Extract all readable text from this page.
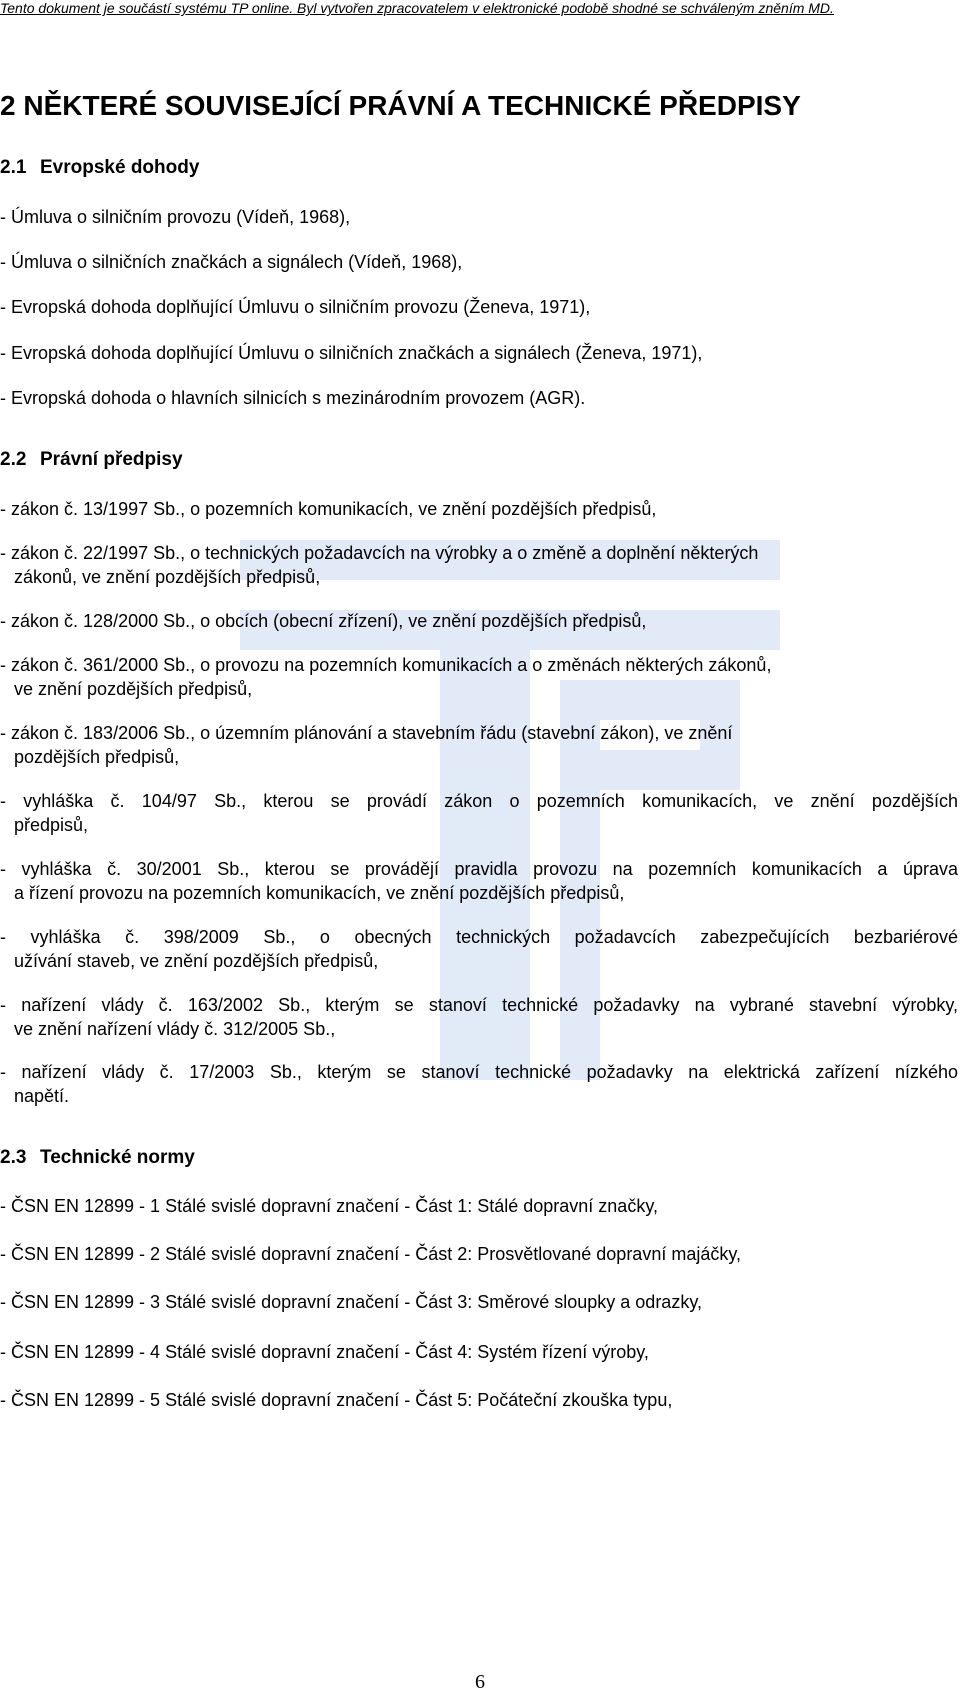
Tento dokument je součástí systému TP online. Byl vytvořen zpracovatelem v elektronické podobě shodné se schváleným zněním MD.
2 NĚKTERÉ SOUVISEJÍCÍ PRÁVNÍ A TECHNICKÉ PŘEDPISY
2.1 Evropské dohody
- Úmluva o silničním provozu (Vídeň, 1968),
- Úmluva o silničních značkách a signálech (Vídeň, 1968),
- Evropská dohoda doplňující Úmluvu o silničním provozu (Ženeva, 1971),
- Evropská dohoda doplňující Úmluvu o silničních značkách a signálech (Ženeva, 1971),
- Evropská dohoda o hlavních silnicích s mezinárodním provozem (AGR).
2.2 Právní předpisy
- zákon č. 13/1997 Sb., o pozemních komunikacích, ve znění pozdějších předpisů,
- zákon č. 22/1997 Sb., o technických požadavcích na výrobky a o změně a doplnění některých
zákonů, ve znění pozdějších předpisů,
- zákon č. 128/2000 Sb., o obcích (obecní zřízení), ve znění pozdějších předpisů,
- zákon č. 361/2000 Sb., o provozu na pozemních komunikacích a o změnách některých zákonů,
ve znění pozdějších předpisů,
- zákon č. 183/2006 Sb., o územním plánování a stavebním řádu (stavební zákon), ve znění
pozdějších předpisů,
- vyhláška č. 104/97 Sb., kterou se provádí zákon o pozemních komunikacích, ve znění pozdějších
předpisů,
- vyhláška č. 30/2001 Sb., kterou se provádějí pravidla provozu na pozemních komunikacích a úprava
a řízení provozu na pozemních komunikacích, ve znění pozdějších předpisů,
- vyhláška č. 398/2009 Sb., o obecných technických požadavcích zabezpečujících bezbariérové
užívání staveb, ve znění pozdějších předpisů,
- nařízení vlády č. 163/2002 Sb., kterým se stanoví technické požadavky na vybrané stavební výrobky,
ve znění nařízení vlády č. 312/2005 Sb.,
- nařízení vlády č. 17/2003 Sb., kterým se stanoví technické požadavky na elektrická zařízení nízkého
napětí.
2.3 Technické normy
- ČSN EN 12899 - 1 Stálé svislé dopravní značení - Část 1: Stálé dopravní značky,
- ČSN EN 12899 - 2 Stálé svislé dopravní značení - Část 2: Prosvětlované dopravní majáčky,
- ČSN EN 12899 - 3 Stálé svislé dopravní značení - Část 3: Směrové sloupky a odrazky,
- ČSN EN 12899 - 4 Stálé svislé dopravní značení - Část 4: Systém řízení výroby,
- ČSN EN 12899 - 5 Stálé svislé dopravní značení - Část 5: Počáteční zkouška typu,
6
